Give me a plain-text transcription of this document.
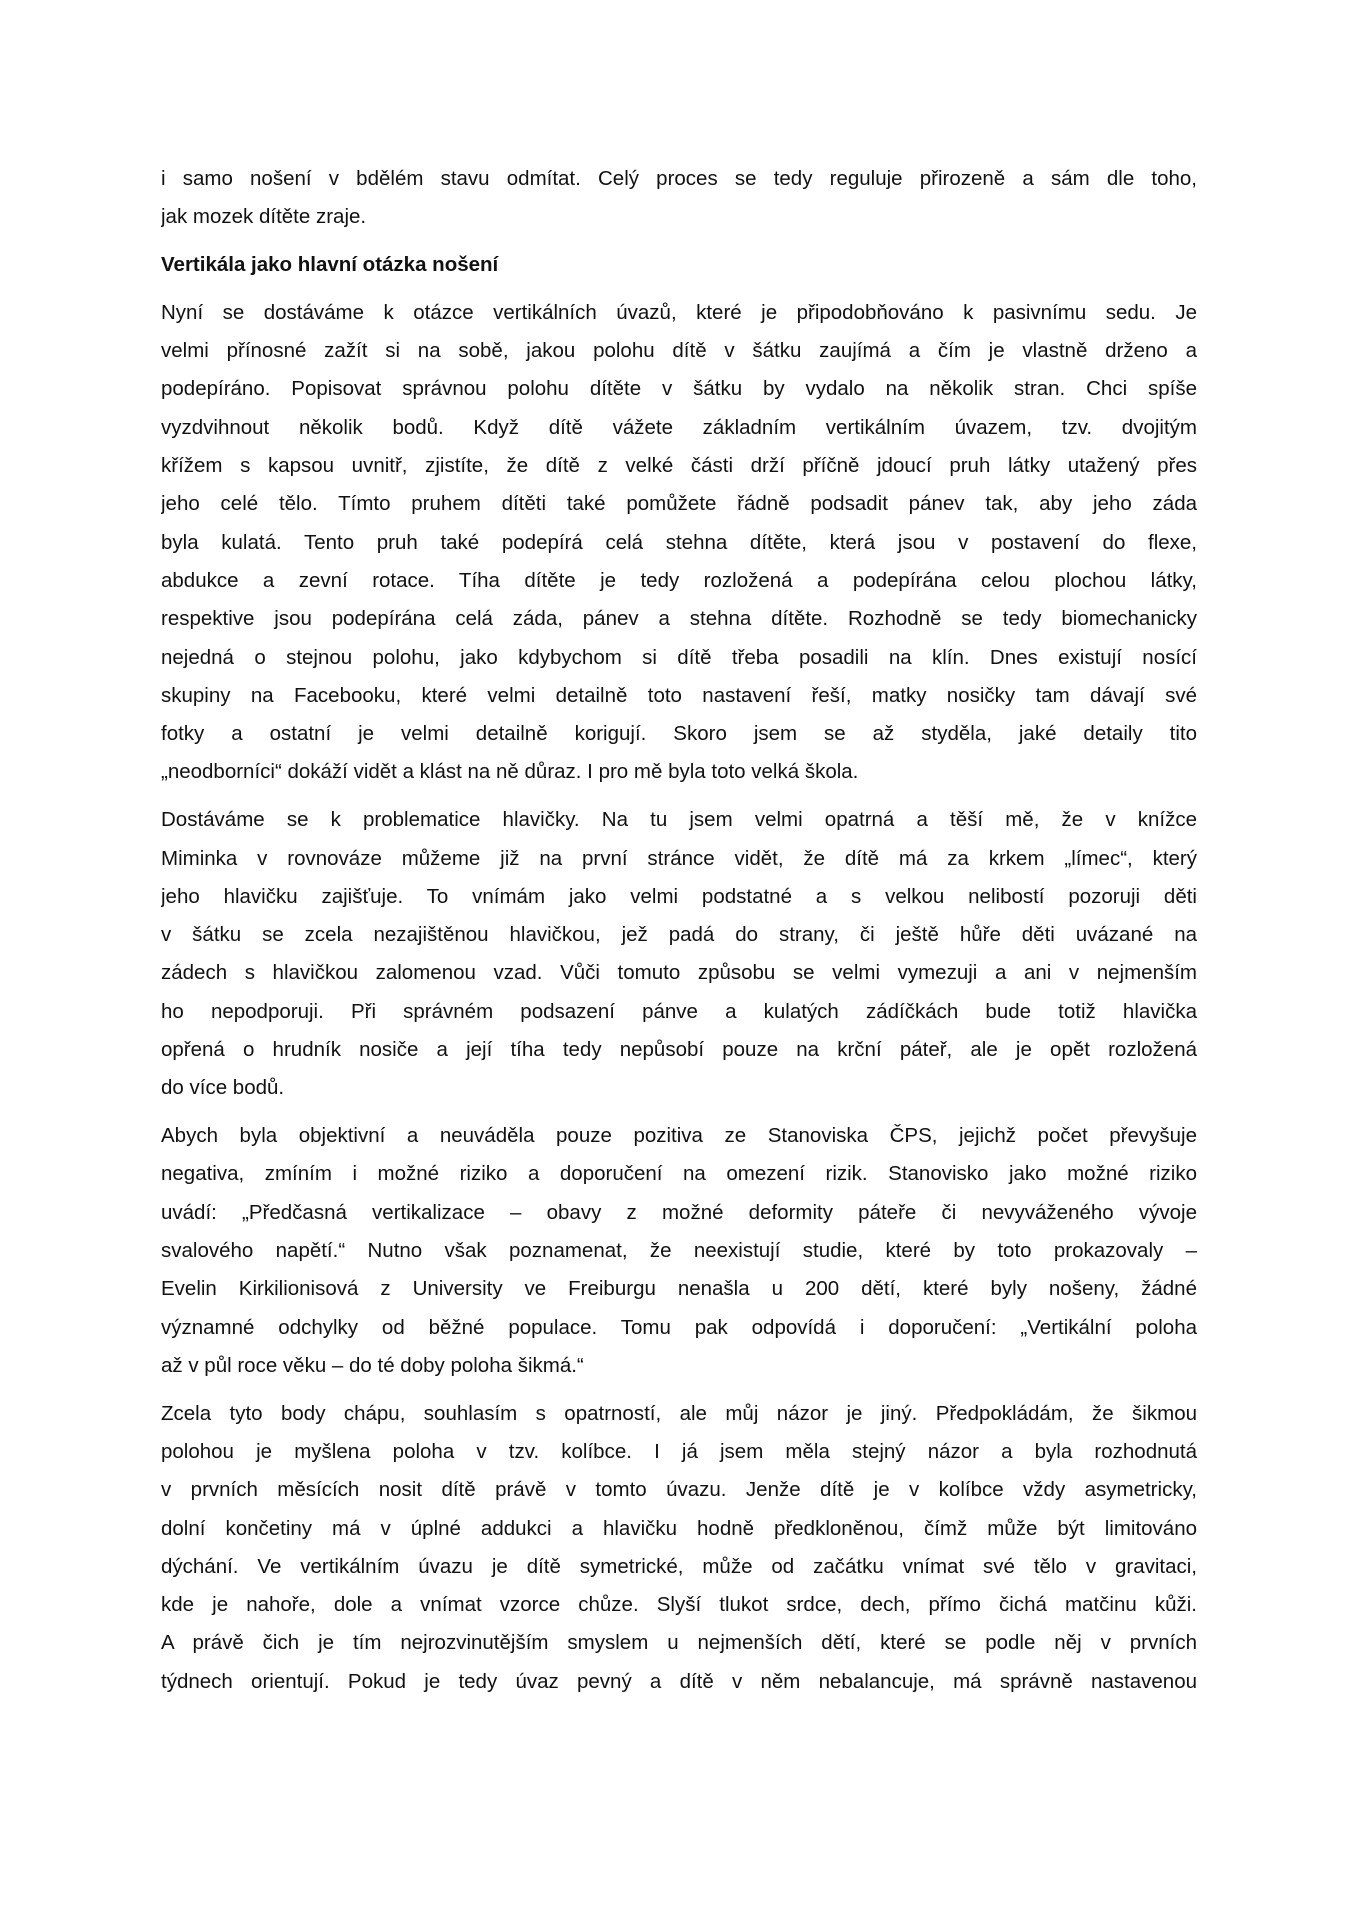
i samo nošení v bdělém stavu odmítat. Celý proces se tedy reguluje přirozeně a sám dle toho,
jak mozek dítěte zraje.
Vertikála jako hlavní otázka nošení
Nyní se dostáváme k otázce vertikálních úvazů, které je připodobňováno k pasivnímu sedu. Je
velmi přínosné zažít si na sobě, jakou polohu dítě v šátku zaujímá a čím je vlastně drženo a
podepíráno. Popisovat správnou polohu dítěte v šátku by vydalo na několik stran. Chci spíše
vyzdvihnout několik bodů. Když dítě vážete základním vertikálním úvazem, tzv. dvojitým
křížem s kapsou uvnitř, zjistíte, že dítě z velké části drží příčně jdoucí pruh látky utažený přes
jeho celé tělo. Tímto pruhem dítěti také pomůžete řádně podsadit pánev tak, aby jeho záda
byla kulatá. Tento pruh také podepírá celá stehna dítěte, která jsou v postavení do flexe,
abdukce a zevní rotace. Tíha dítěte je tedy rozložená a podepírána celou plochou látky,
respektive jsou podepírána celá záda, pánev a stehna dítěte. Rozhodně se tedy biomechanicky
nejedná o stejnou polohu, jako kdybychom si dítě třeba posadili na klín. Dnes existují nosící
skupiny na Facebooku, které velmi detailně toto nastavení řeší, matky nosičky tam dávají své
fotky a ostatní je velmi detailně korigují. Skoro jsem se až styděla, jaké detaily tito
„neodborníci“ dokáží vidět a klást na ně důraz. I pro mě byla toto velká škola.
Dostáváme se k problematice hlavičky. Na tu jsem velmi opatrná a těší mě, že v knížce
Miminka v rovnováze můžeme již na první stránce vidět, že dítě má za krkem „límec“, který
jeho hlavičku zajišťuje. To vnímám jako velmi podstatné a s velkou nelibostí pozoruji děti
v šátku se zcela nezajištěnou hlavičkou, jež padá do strany, či ještě hůře děti uvázané na
zádech s hlavičkou zalomenou vzad. Vůči tomuto způsobu se velmi vymezuji a ani v nejmenším
ho nepodporuji. Při správném podsazení pánve a kulatých zádíčkách bude totiž hlavička
opřená o hrudník nosiče a její tíha tedy nepůsobí pouze na krční páteř, ale je opět rozložená
do více bodů.
Abych byla objektivní a neuváděla pouze pozitiva ze Stanoviska ČPS, jejichž počet převyšuje
negativa, zmíním i možné riziko a doporučení na omezení rizik. Stanovisko jako možné riziko
uvádí: „Předčasná vertikalizace – obavy z možné deformity páteře či nevyváženého vývoje
svalového napětí.“ Nutno však poznamenat, že neexistují studie, které by toto prokazovaly –
Evelin Kirkilionisová z University ve Freiburgu nenašla u 200 dětí, které byly nošeny, žádné
významné odchylky od běžné populace. Tomu pak odpovídá i doporučení: „Vertikální poloha
až v půl roce věku – do té doby poloha šikmá.“
Zcela tyto body chápu, souhlasím s opatrností, ale můj názor je jiný. Předpokládám, že šikmou
polohou je myšlena poloha v tzv. kolíbce. I já jsem měla stejný názor a byla rozhodnutá
v prvních měsících nosit dítě právě v tomto úvazu. Jenže dítě je v kolíbce vždy asymetricky,
dolní končetiny má v úplné addukci a hlavičku hodně předkloněnou, čímž může být limitováno
dýchání. Ve vertikálním úvazu je dítě symetrické, může od začátku vnímat své tělo v gravitaci,
kde je nahoře, dole a vnímat vzorce chůze. Slyší tlukot srdce, dech, přímo čichá matčinu kůži.
A právě čich je tím nejrozvinutějším smyslem u nejmenších dětí, které se podle něj v prvních
týdnech orientují. Pokud je tedy úvaz pevný a dítě v něm nebalancuje, má správně nastavenou
